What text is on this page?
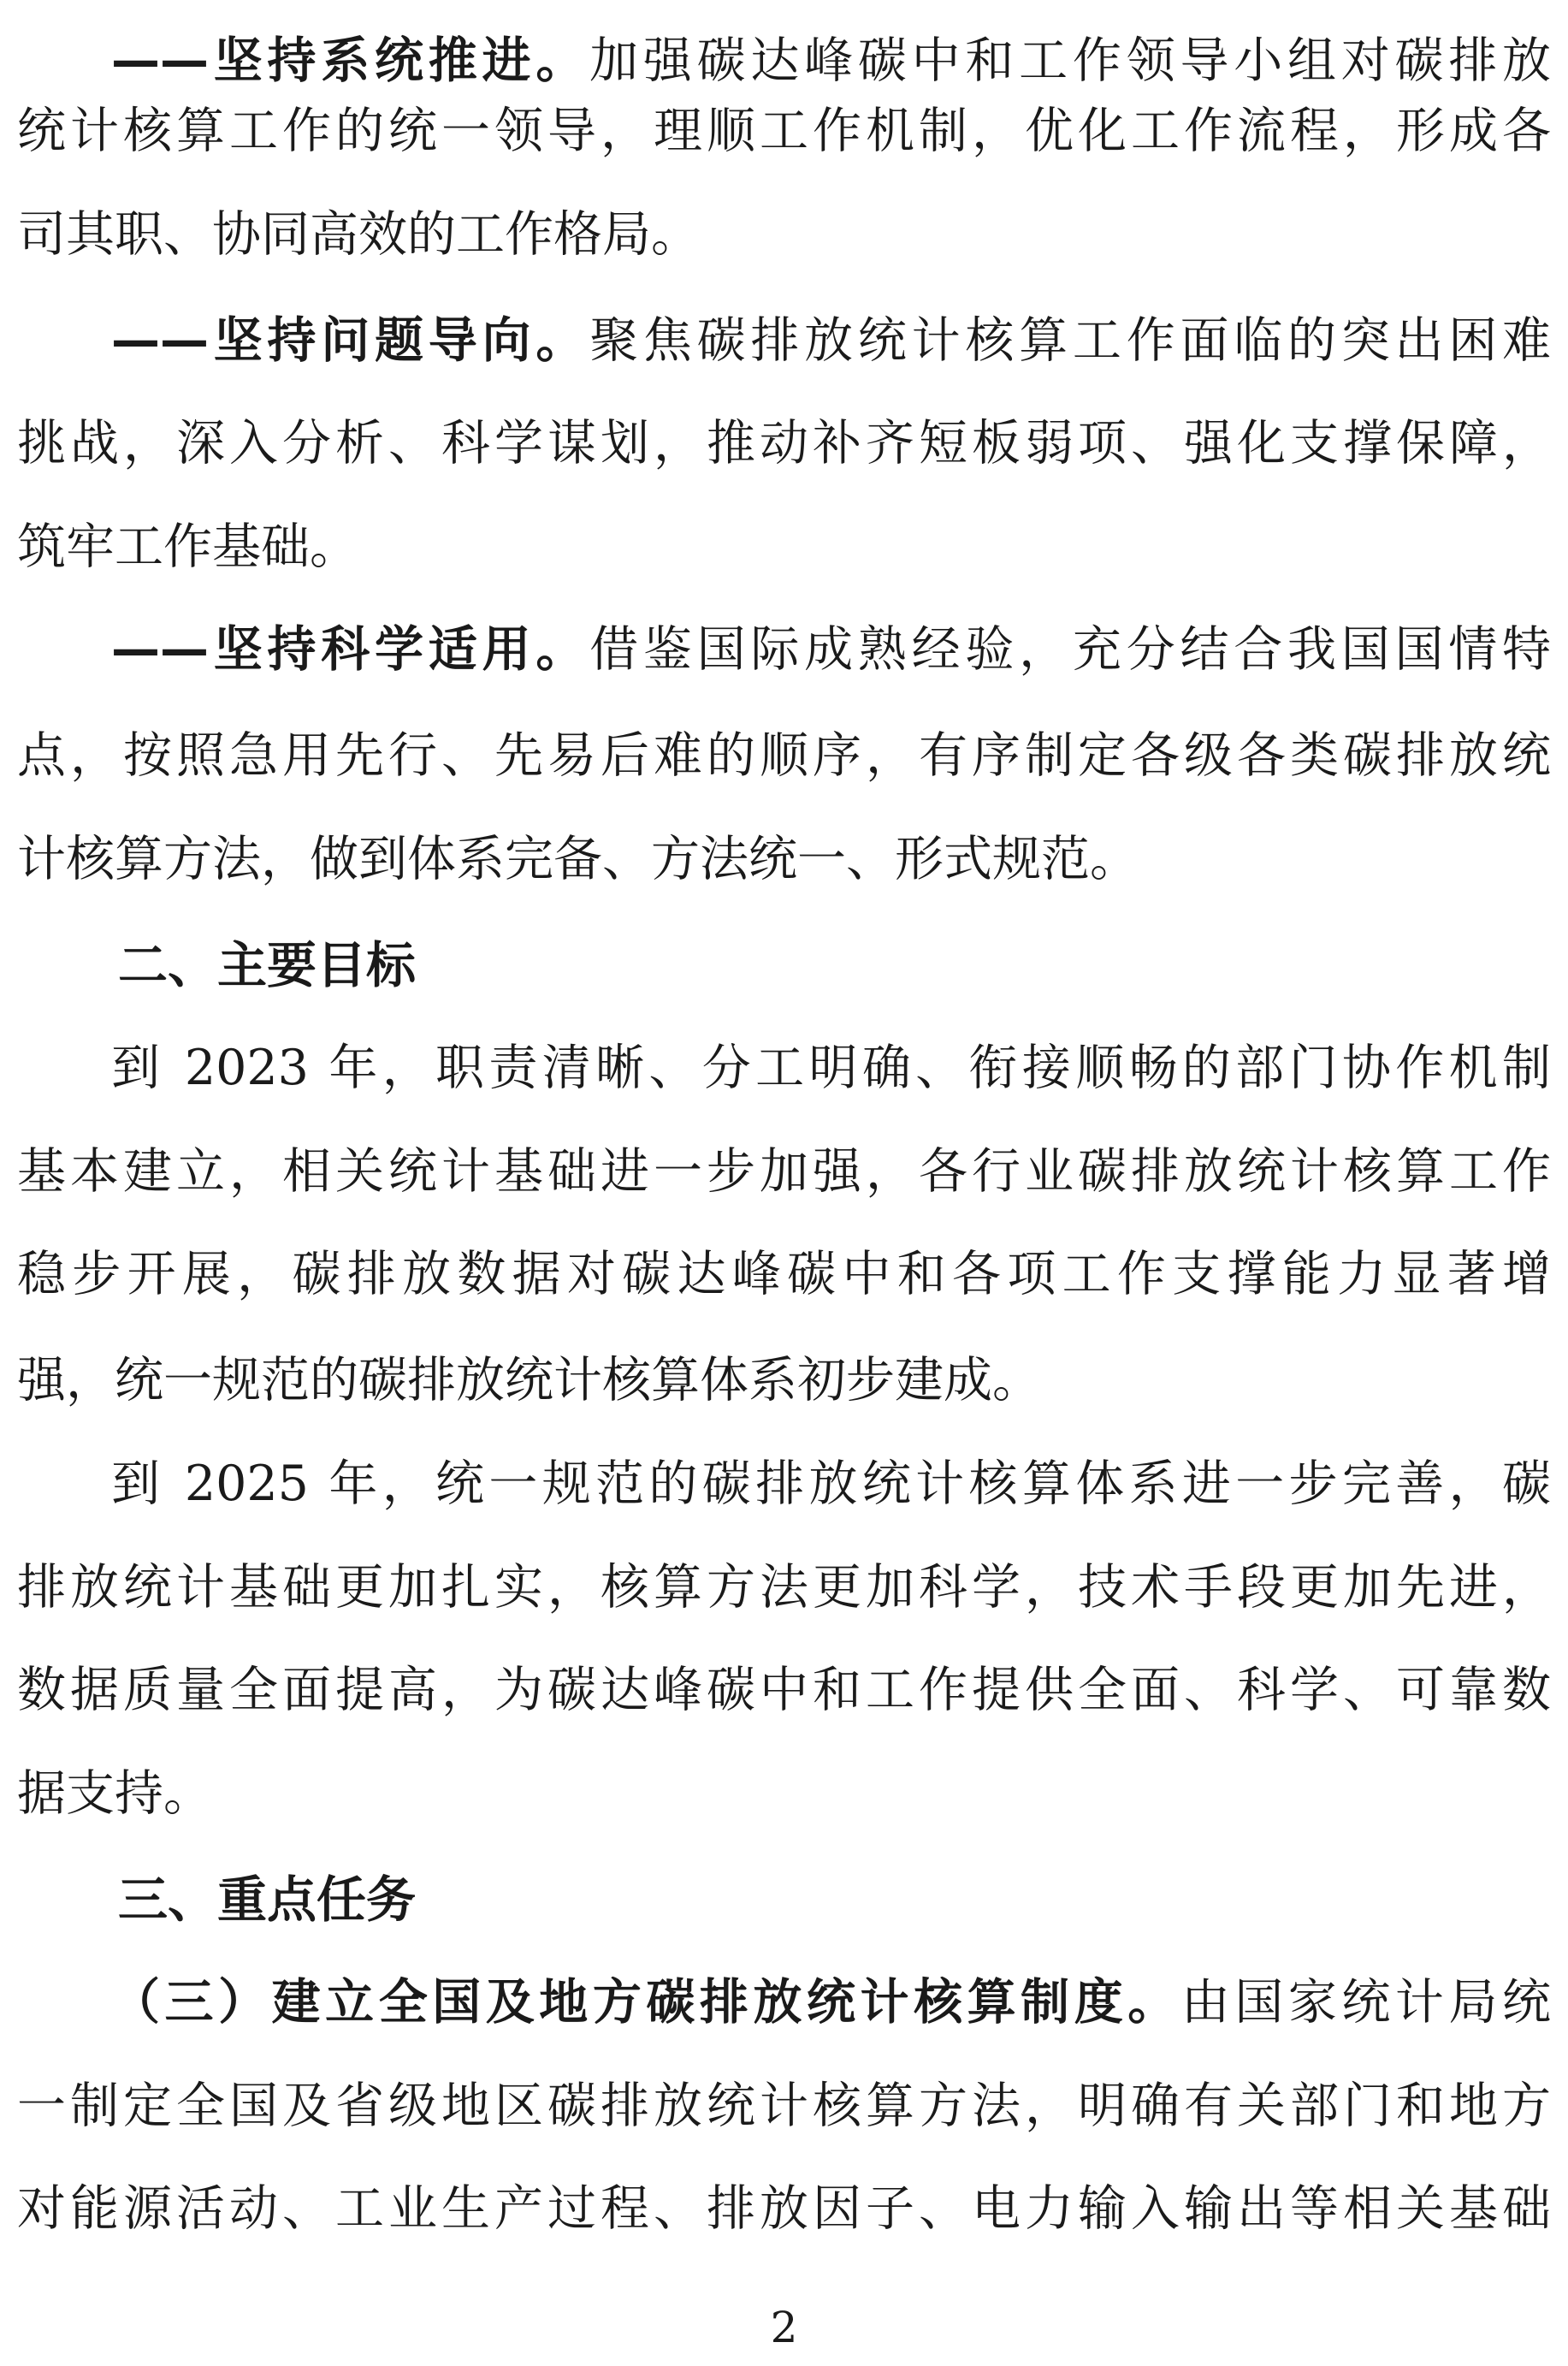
——坚持系统推进。加强碳达峰碳中和工作领导小组对碳排放
统计核算工作的统一领导，理顺工作机制，优化工作流程，形成各
司其职、协同高效的工作格局。
——坚持问题导向。聚焦碳排放统计核算工作面临的突出困难
挑战，深入分析、科学谋划，推动补齐短板弱项、强化支撑保障，
筑牢工作基础。
——坚持科学适用。借鉴国际成熟经验，充分结合我国国情特
点，按照急用先行、先易后难的顺序，有序制定各级各类碳排放统
计核算方法，做到体系完备、方法统一、形式规范。
二、主要目标
到 2023 年，职责清晰、分工明确、衔接顺畅的部门协作机制
基本建立，相关统计基础进一步加强，各行业碳排放统计核算工作
稳步开展，碳排放数据对碳达峰碳中和各项工作支撑能力显著增
强，统一规范的碳排放统计核算体系初步建成。
到 2025 年，统一规范的碳排放统计核算体系进一步完善，碳
排放统计基础更加扎实，核算方法更加科学，技术手段更加先进，
数据质量全面提高，为碳达峰碳中和工作提供全面、科学、可靠数
据支持。
三、重点任务
（三）建立全国及地方碳排放统计核算制度。由国家统计局统
一制定全国及省级地区碳排放统计核算方法，明确有关部门和地方
对能源活动、工业生产过程、排放因子、电力输入输出等相关基础
2
